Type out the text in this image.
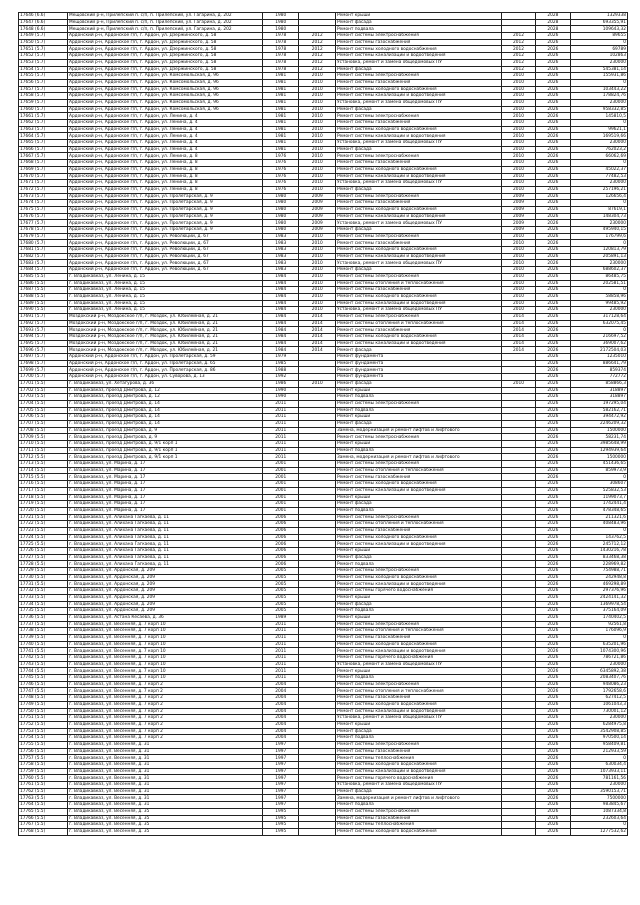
17646 (6.6)	Мещовский р-н, Прилепский п. с/п, п. Прилепский, ул. Гагарина, д. 202	1980		Ремонт крыши		2028	1329338
17647 (6.6)	Мещовский р-н, Прилепский п. с/п, п. Прилепский, ул. Гагарина, д. 202	1980		Ремонт фасада		2028	693355,91
17648 (6.6)	Мещовский р-н, Прилепский п. с/п, п. Прилепский, ул. Гагарина, д. 202	1980		Ремонт подвала		2028	109643,32
17649 (5.7)	Ардонский р-н, Ардонское г/п, г. Ардон, ул. Дзержинского, д. 58	1978	2012	Ремонт системы электроснабжения	2012	2026	89655
17650 (5.7)	Ардонский р-н, Ардонское г/п, г. Ардон, ул. Дзержинского, д. 58	1978	2012	Ремонт системы газоснабжения	2012	2026	0
17651 (5.7)	Ардонский р-н, Ардонское г/п, г. Ардон, ул. Дзержинского, д. 58	1978	2012	Ремонт системы холодного водоснабжения	2012	2026	69789
17652 (5.7)	Ардонский р-н, Ардонское г/п, г. Ардон, ул. Дзержинского, д. 58	1978	2012	Ремонт системы канализации и водоотведения	2012	2026	102863
17653 (5.7)	Ардонский р-н, Ардонское г/п, г. Ардон, ул. Дзержинского, д. 58	1978	2012	Установка, ремонт и замена общедомовых ПУ	2012	2026	230000
17654 (5.7)	Ардонский р-н, Ардонское г/п, г. Ардон, ул. Дзержинского, д. 58	1978	2012	Ремонт фасада	2012	2026	545381,14
17655 (5.7)	Ардонский р-н, Ардонское г/п, г. Ардон, ул. Комсомольская, д. 96	1981	2010	Ремонт системы электроснабжения	2010	2026	155931,86
17656 (5.7)	Ардонский р-н, Ардонское г/п, г. Ардон, ул. Комсомольская, д. 96	1981	2010	Ремонт системы газоснабжения	2010	2026	0
17657 (5.7)	Ардонский р-н, Ардонское г/п, г. Ардон, ул. Комсомольская, д. 96	1981	2010	Ремонт системы холодного водоснабжения	2010	2026	103443,22
17658 (5.7)	Ардонский р-н, Ардонское г/п, г. Ардон, ул. Комсомольская, д. 96	1981	2010	Ремонт системы канализации и водоотведения	2010	2026	178824,76
17659 (5.7)	Ардонский р-н, Ардонское г/п, г. Ардон, ул. Комсомольская, д. 96	1981	2010	Установка, ремонт и замена общедомовых ПУ	2010	2026	230000
17660 (5.7)	Ардонский р-н, Ардонское г/п, г. Ардон, ул. Комсомольская, д. 96	1981	2010	Ремонт фасада	2010	2026	958332,85
17661 (5.7)	Ардонский р-н, Ардонское г/п, г. Ардон, ул. Ленина, д. 4	1981	2010	Ремонт системы электроснабжения	2010	2026	145810,5
17662 (5.7)	Ардонский р-н, Ардонское г/п, г. Ардон, ул. Ленина, д. 4	1981	2010	Ремонт системы газоснабжения	2010	2026	0
17663 (5.7)	Ардонский р-н, Ардонское г/п, г. Ардон, ул. Ленина, д. 4	1981	2010	Ремонт системы холодного водоснабжения	2010	2026	99621,1
17664 (5.7)	Ардонский р-н, Ардонское г/п, г. Ардон, ул. Ленина, д. 4	1981	2010	Ремонт системы канализации и водоотведения	2010	2026	169519,66
17665 (5.7)	Ардонский р-н, Ардонское г/п, г. Ардон, ул. Ленина, д. 4	1981	2010	Установка, ремонт и замена общедомовых ПУ	2010	2026	230000
17666 (5.7)	Ардонский р-н, Ардонское г/п, г. Ардон, ул. Ленина, д. 4	1981	2010	Ремонт фасада	2010	2026	762023,2
17667 (5.7)	Ардонский р-н, Ардонское г/п, г. Ардон, ул. Ленина, д. 8	1976	2010	Ремонт системы электроснабжения	2010	2026	66062,69
17668 (5.7)	Ардонский р-н, Ардонское г/п, г. Ардон, ул. Ленина, д. 8	1976	2010	Ремонт системы газоснабжения	2010	2026	0
17669 (5.7)	Ардонский р-н, Ардонское г/п, г. Ардон, ул. Ленина, д. 8	1976	2010	Ремонт системы холодного водоснабжения	2010	2026	45022,37
17670 (5.7)	Ардонский р-н, Ардонское г/п, г. Ардон, ул. Ленина, д. 8	1976	2010	Ремонт системы канализации и водоотведения	2010	2026	77482,53
17671 (5.7)	Ардонский р-н, Ардонское г/п, г. Ардон, ул. Ленина, д. 8	1976	2010	Установка, ремонт и замена общедомовых ПУ	2010	2026	230000
17672 (5.7)	Ардонский р-н, Ардонское г/п, г. Ардон, ул. Ленина, д. 8	1976	2010	Ремонт фасада	2010	2026	257196,21
17673 (5.7)	Ардонский р-н, Ардонское г/п, г. Ардон, ул. Пролетарская, д. 9	1980	2009	Ремонт системы электроснабжения	2009	2026	126656,4
17674 (5.7)	Ардонский р-н, Ардонское г/п, г. Ардон, ул. Пролетарская, д. 9	1980	2009	Ремонт системы газоснабжения	2009	2026	0
17675 (5.7)	Ардонский р-н, Ардонское г/п, г. Ардон, ул. Пролетарская, д. 9	1980	2009	Ремонт системы холодного водоснабжения	2009	2026	87619,1
17676 (5.7)	Ардонский р-н, Ардонское г/п, г. Ардон, ул. Пролетарская, д. 9	1980	2009	Ремонт системы канализации и водоотведения	2009	2026	148304,73
17677 (5.7)	Ардонский р-н, Ардонское г/п, г. Ардон, ул. Пролетарская, д. 9	1980	2009	Установка, ремонт и замена общедомовых ПУ	2009	2026	230000
17678 (5.7)	Ардонский р-н, Ардонское г/п, г. Ардон, ул. Пролетарская, д. 9	1980	2009	Ремонт фасада	2009	2026	495940,15
17679 (5.7)	Ардонский р-н, Ардонское г/п, г. Ардон, ул. Революции, д. 67	1983	2010	Ремонт системы электроснабжения	2010	2026	176799,6
17680 (5.7)	Ардонский р-н, Ардонское г/п, г. Ардон, ул. Революции, д. 67	1983	2010	Ремонт системы газоснабжения	2010	2026	0
17681 (5.7)	Ардонский р-н, Ардонское г/п, г. Ардон, ул. Революции, д. 67	1983	2010	Ремонт системы холодного водоснабжения	2010	2026	120813,79
17682 (5.7)	Ардонский р-н, Ардонское г/п, г. Ардон, ул. Революции, д. 67	1983	2010	Ремонт системы канализации и водоотведения	2010	2026	205891,13
17683 (5.7)	Ардонский р-н, Ардонское г/п, г. Ардон, ул. Революции, д. 67	1983	2010	Установка, ремонт и замена общедомовых ПУ	2010	2026	230000
17684 (5.7)	Ардонский р-н, Ардонское г/п, г. Ардон, ул. Революции, д. 67	1983	2010	Ремонт фасада	2010	2026	688602,37
17685 (5.5)	г. Владикавказ, ул. Ленина, д. 15	1984	2010	Ремонт системы электроснабжения	2010	2026	86485,75
17686 (5.5)	г. Владикавказ, ул. Ленина, д. 15	1984	2010	Ремонт системы отопления и теплоснабжения	2010	2026	202581,51
17687 (5.5)	г. Владикавказ, ул. Ленина, д. 15	1984	2010	Ремонт системы газоснабжения	2010	2026	0
17688 (5.5)	г. Владикавказ, ул. Ленина, д. 15	1984	2010	Ремонт системы холодного водоснабжения	2010	2026	58858,96
17689 (5.5)	г. Владикавказ, ул. Ленина, д. 15	1984	2010	Ремонт системы канализации и водоотведения	2010	2026	99485,92
17690 (5.5)	г. Владикавказ, ул. Ленина, д. 15	1984	2010	Установка, ремонт и замена общедомовых ПУ	2010	2026	230000
17691 (5.7)	Моздокский р-н, Моздокское г/п, г. Моздок, ул. Юбилейная, д. 21	1984	2014	Ремонт системы электроснабжения	2014	2026	317128,64
17692 (5.7)	Моздокский р-н, Моздокское г/п, г. Моздок, ул. Юбилейная, д. 21	1984	2014	Ремонт системы отопления и теплоснабжения	2014	2026	632075,45
17693 (5.7)	Моздокский р-н, Моздокское г/п, г. Моздок, ул. Юбилейная, д. 21	1984	2014	Ремонт системы газоснабжения	2014	2026	0
17694 (5.7)	Моздокский р-н, Моздокское г/п, г. Моздок, ул. Юбилейная, д. 21	1984	2014	Ремонт системы холодного водоснабжения	2014	2026	216697,52
17695 (5.7)	Моздокский р-н, Моздокское г/п, г. Моздок, ул. Юбилейная, д. 21	1984	2014	Ремонт системы канализации и водоотведения	2014	2026	369007,62
17696 (5.7)	Моздокский р-н, Моздокское г/п, г. Моздок, ул. Юбилейная, д. 21	1984	2014	Ремонт фасада	2014	2026	2172504,03
17697 (5.7)	Ардонский р-н, Ардонское г/п, г. Ардон, ул. Пролетарская, д. 59	1979		Ремонт фундамента		2026	1235010
17698 (5.7)	Ардонский р-н, Ардонское г/п, г. Ардон, ул. Пролетарская, д. 65	1985		Ремонт фундамента		2026	886641,79
17699 (5.7)	Ардонский р-н, Ардонское г/п, г. Ардон, ул. Пролетарская, д. 86	1988		Ремонт фундамента		2026	859374
17700 (5.7)	Ардонский р-н, Ардонское г/п, г. Ардон, ул. Суворова, д. 13	1992		Ремонт фундамента		2026	772772
17701 (5.5)	г. Владикавказ, ул. Хетагурова, д. 36	1986	2010	Ремонт фасада	2010	2026	858866,3
17702 (5.5)	г. Владикавказ, проезд Дмитрова, д. 12	1990		Ремонт крыши		2026	318897
17703 (5.5)	г. Владикавказ, проезд Дмитрова, д. 12	1990		Ремонт подвала		2026	318897
17704 (5.5)	г. Владикавказ, проезд Дмитрова, д. 14	2011		Ремонт системы электроснабжения		2026	197295,04
17705 (5.5)	г. Владикавказ, проезд Дмитрова, д. 14	2011		Ремонт подвала		2026	582162,71
17706 (5.5)	г. Владикавказ, проезд Дмитрова, д. 14	2011		Ремонт крыши		2026	394472,92
17707 (5.5)	г. Владикавказ, проезд Дмитрова, д. 14	2011		Ремонт фасада		2026	2246209,32
17708 (5.5)	г. Владикавказ, проезд Дмитрова, д. 9	2011		Замена, модернизация и ремонт лифтов и лифтового		2026	1500000
17709 (5.5)	г. Владикавказ, проезд Дмитрова, д. 9	2011		Ремонт системы электроснабжения		2026	58231,74
17710 (5.5)	г. Владикавказ, проезд Дмитрова, д. 9/1 корп 1	2011		Ремонт крыши		2026	3985648,99
17711 (5.5)	г. Владикавказ, проезд Дмитрова, д. 9/1 корп 1	2011		Ремонт подвала		2026	1294939,64
17712 (5.5)	г. Владикавказ, проезд Дмитрова, д. 9/1 корп 1	2011		Замена, модернизация и ремонт лифтов и лифтового		2026	1500000
17713 (5.5)	г. Владикавказ, ул. Марина, д. 17	2001		Ремонт системы электроснабжения		2026	451436,65
17714 (5.5)	г. Владикавказ, ул. Марина, д. 17	2001		Ремонт системы отопления и теплоснабжения		2026	859973,9
17715 (5.5)	г. Владикавказ, ул. Марина, д. 17	2001		Ремонт системы газоснабжения		2026	0
17716 (5.5)	г. Владикавказ, ул. Марина, д. 17	2001		Ремонт системы холодного водоснабжения		2026	308607
17717 (5.5)	г. Владикавказ, ул. Марина, д. 17	2001		Ремонт системы канализации и водоотведения		2026	525832,53
17718 (5.5)	г. Владикавказ, ул. Марина, д. 17	2001		Ремонт крыши		2026	1199073,7
17719 (5.5)	г. Владикавказ, ул. Марина, д. 17	2001		Ремонт фасада		2026	1742441,4
17720 (5.5)	г. Владикавказ, ул. Марина, д. 17	2001		Ремонт подвала		2026	478348,65
17721 (5.5)	г. Владикавказ, ул. Алихана Гагкаева, д. 11	2006		Ремонт системы электроснабжения		2026	211321,6
17722 (5.5)	г. Владикавказ, ул. Алихана Гагкаева, д. 11	2006		Ремонт системы отопления и теплоснабжения		2026	408483,96
17723 (5.5)	г. Владикавказ, ул. Алихана Гагкаева, д. 11	2006		Ремонт системы газоснабжения		2026	0
17724 (5.5)	г. Владикавказ, ул. Алихана Гагкаева, д. 11	2006		Ремонт системы холодного водоснабжения		2026	143762,5
17725 (5.5)	г. Владикавказ, ул. Алихана Гагкаева, д. 11	2006		Ремонт системы канализации и водоотведения		2026	245712,12
17726 (5.5)	г. Владикавказ, ул. Алихана Гагкаева, д. 11	2006		Ремонт крыши		2026	1430216,78
17727 (5.5)	г. Владикавказ, ул. Алихана Гагкаева, д. 11	2006		Ремонт фасада		2026	833468,38
17728 (5.5)	г. Владикавказ, ул. Алихана Гагкаева, д. 11	2006		Ремонт подвала		2026	228969,82
17729 (5.5)	г. Владикавказ, ул. Ардонская, д. 209	2005		Ремонт системы электроснабжения		2026	754988,71
17730 (5.5)	г. Владикавказ, ул. Ардонская, д. 209	2005		Ремонт системы холодного водоснабжения		2026	242948,8
17731 (5.5)	г. Владикавказ, ул. Ардонская, д. 209	2005		Ремонт системы канализации и водоотведения		2026	469298,89
17732 (5.5)	г. Владикавказ, ул. Ардонская, д. 209	2005		Ремонт системы горячего водоснабжения		2026	297376,96
17733 (5.5)	г. Владикавказ, ул. Ардонская, д. 209	2005		Ремонт крыши		2026	2424141,32
17734 (5.5)	г. Владикавказ, ул. Ардонская, д. 209	2005		Ремонт фасада		2026	1369978,54
17735 (5.5)	г. Владикавказ, ул. Ардонская, д. 209	2005		Ремонт подвала		2026	375164,09
17736 (5.5)	г. Владикавказ, ул. Астана Кесаева, д. 36	1989		Ремонт крыши		2026	1740402,5
17737 (5.5)	г. Владикавказ, ул. Весенняя, д. 7 корп 10	2011		Ремонт системы электроснабжения		2026	92561,8
17738 (5.5)	г. Владикавказ, ул. Весенняя, д. 7 корп 10	2011		Ремонт системы отопления и теплоснабжения		2026	176096,9
17739 (5.5)	г. Владикавказ, ул. Весенняя, д. 7 корп 10	2011		Ремонт системы газоснабжения		2026	0
17740 (5.5)	г. Владикавказ, ул. Весенняя, д. 7 корп 10	2011		Ремонт системы холодного водоснабжения		2026	635201,96
17741 (5.5)	г. Владикавказ, ул. Весенняя, д. 7 корп 10	2011		Ремонт системы канализации и водоотведения		2026	1074300,96
17742 (5.5)	г. Владикавказ, ул. Весенняя, д. 7 корп 10	2011		Ремонт системы горячего водоснабжения		2026	786721,86
17743 (5.5)	г. Владикавказ, ул. Весенняя, д. 7 корп 10	2011		Установка, ремонт и замена общедомовых ПУ		2026	230000
17744 (5.5)	г. Владикавказ, ул. Весенняя, д. 7 корп 10	2011		Ремонт крыши		2026	6345892,38
17745 (5.5)	г. Владикавказ, ул. Весенняя, д. 7 корп 10	2011		Ремонт подвала		2026	2083407,76
17746 (5.5)	г. Владикавказ, ул. Весенняя, д. 7 корп 2	2004		Ремонт системы электроснабжения		2026	948086,23
17747 (5.5)	г. Владикавказ, ул. Весенняя, д. 7 корп 2	2004		Ремонт системы отопления и теплоснабжения		2026	1792658,6
17748 (5.5)	г. Владикавказ, ул. Весенняя, д. 7 корп 2	2004		Ремонт системы газоснабжения		2026	627412,5
17749 (5.5)	г. Владикавказ, ул. Весенняя, д. 7 корп 2	2004		Ремонт системы холодного водоснабжения		2026	1061043,3
17750 (5.5)	г. Владикавказ, ул. Весенняя, д. 7 корп 2	2004		Ремонт системы канализации и водоотведения		2026	730001,12
17751 (5.5)	г. Владикавказ, ул. Весенняя, д. 7 корп 2	2004		Установка, ремонт и замена общедомовых ПУ		2026	230000
17752 (5.5)	г. Владикавказ, ул. Весенняя, д. 7 корп 2	2004		Ремонт крыши		2026	6284975,8
17753 (5.5)	г. Владикавказ, ул. Весенняя, д. 7 корп 2	2004		Ремонт фасада		2026	3542908,85
17754 (5.5)	г. Владикавказ, ул. Весенняя, д. 7 корп 2	2004		Ремонт подвала		2026	970500,14
17755 (5.5)	г. Владикавказ, ул. Весенняя, д. 31	1997		Ремонт системы электроснабжения		2026	958409,81
17756 (5.5)	г. Владикавказ, ул. Весенняя, д. 31	1997		Ремонт системы газоснабжения		2026	212933,59
17757 (5.5)	г. Владикавказ, ул. Весенняя, д. 31	1997		Ремонт системы теплоснабжения		2026	0
17758 (5.5)	г. Владикавказ, ул. Весенняя, д. 31	1997		Ремонт системы холодного водоснабжения		2026	630034,4
17759 (5.5)	г. Владикавказ, ул. Весенняя, д. 31	1997		Ремонт системы канализации и водоотведения		2026	1073933,11
17760 (5.5)	г. Владикавказ, ул. Весенняя, д. 31	1997		Ремонт системы горячего водоснабжения		2026	781161,56
17761 (5.5)	г. Владикавказ, ул. Весенняя, д. 31	1997		Установка, ремонт и замена общедомовых ПУ		2026	230000
17762 (5.5)	г. Владикавказ, ул. Весенняя, д. 31	1997		Ремонт фасада		2026	3590153,71
17763 (5.5)	г. Владикавказ, ул. Весенняя, д. 31	1997		Замена, модернизация и ремонт лифтов и лифтового		2026	7500000
17764 (5.5)	г. Владикавказ, ул. Весенняя, д. 31	1997		Ремонт подвала		2026	983845,67
17765 (5.5)	г. Владикавказ, ул. Весенняя, д. 35	1995		Ремонт системы электроснабжения		2026	1087334,8
17766 (5.5)	г. Владикавказ, ул. Весенняя, д. 35	1995		Ремонт системы газоснабжения		2026	232603,64
17767 (5.5)	г. Владикавказ, ул. Весенняя, д. 35	1995		Ремонт системы теплоснабжения		2026	0
17768 (5.5)	г. Владикавказ, ул. Весенняя, д. 35	1995		Ремонт системы холодного водоснабжения		2026	1277532,62
